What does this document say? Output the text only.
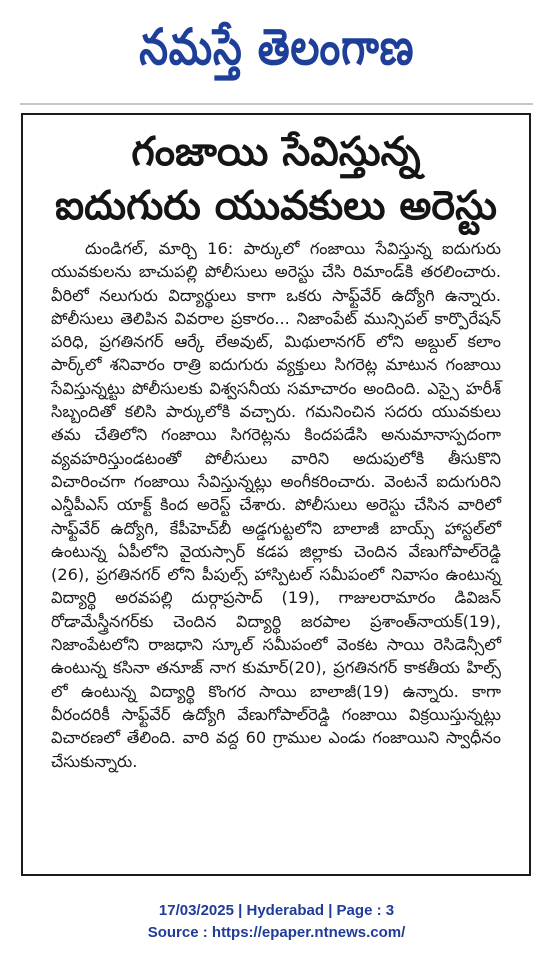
నమస్తే తెలంగాణ
గంజాయి సేవిస్తున్న
ఐదుగురు యువకులు అరెస్టు

దుండిగల్, మార్చి 16: పార్కులో గంజాయి సేవిస్తున్న ఐదుగురు యువకులను బాచుపల్లి పోలీసులు అరెస్టు చేసి రిమాండ్‌కి తరలించారు. వీరిలో నలుగురు విద్యార్థులు కాగా ఒకరు సాఫ్ట్‌వేర్ ఉద్యోగి ఉన్నారు. పోలీసులు తెలిపిన వివరాల ప్రకారం... నిజాంపేట్ మున్సిపల్ కార్పొరేషన్ పరిధి, ప్రగతినగర్ ఆర్కే లేఅవుట్, మిథులానగర్ లోని అబ్దుల్ కలాం పార్క్‌లో శనివారం రాత్రి ఐదుగురు వ్యక్తులు సిగరెట్ల మాటున గంజాయి సేవిస్తున్నట్టు పోలీసులకు విశ్వసనీయ సమాచారం అందింది. ఎస్సై హరీశ్ సిబ్బందితో కలిసి పార్కులోకి వచ్చారు. గమనించిన సదరు యువకులు తమ చేతిలోని గంజాయి సిగరెట్లను కిందపడేసి అనుమానాస్పదంగా వ్యవహరిస్తుండటంతో పోలీసులు వారిని అదుపులోకి తీసుకొని విచారించగా గంజాయి సేవిస్తున్నట్లు అంగీకరించారు. వెంటనే ఐదుగురిని ఎన్డీపీఎస్ యాక్ట్ కింద అరెస్ట్ చేశారు. పోలీసులు అరెస్టు చేసిన వారిలో సాఫ్ట్‌వేర్ ఉద్యోగి, కేపీహెచ్‌బీ అడ్డగుట్టలోని బాలాజీ బాయ్స్ హాస్టల్‌లో ఉంటున్న ఏపీలోని వైయస్సార్ కడప జిల్లాకు చెందిన వేణుగోపాల్‌రెడ్డి (26), ప్రగతినగర్ లోని పీపుల్స్ హాస్పిటల్ సమీపంలో నివాసం ఉంటున్న విద్యార్థి అరవపల్లి దుర్గాప్రసాద్ (19), గాజులరామారం డివిజన్ రోడామేస్త్రీనగర్‌కు చెందిన విద్యార్థి జరపాల ప్రశాంత్‌నాయక్(19), నిజాంపేటలోని రాజధాని స్కూల్ సమీపంలో వెంకట సాయి రెసిడెన్సీలో ఉంటున్న కసినా తనూజ్ నాగ కుమార్(20), ప్రగతినగర్ కాకతీయ హిల్స్ లో ఉంటున్న విద్యార్థి కొంగర సాయి బాలాజీ(19) ఉన్నారు. కాగా వీరందరికీ సాఫ్ట్‌వేర్ ఉద్యోగి వేణుగోపాల్‌రెడ్డి గంజాయి విక్రయిస్తున్నట్లు విచారణలో తేలింది. వారి వద్ద 60 గ్రాముల ఎండు గంజాయిని స్వాధీనం చేసుకున్నారు.

17/03/2025 | Hyderabad | Page : 3
Source : https://epaper.ntnews.com/
